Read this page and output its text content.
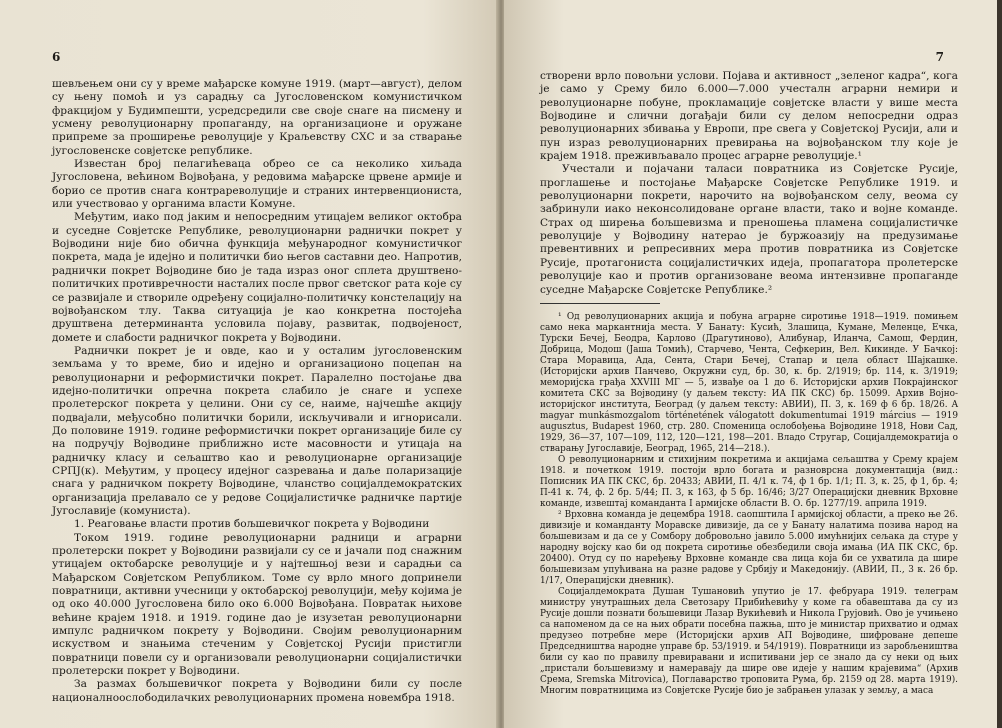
6

шевљењем они су у време мађарске комуне 1919. (март—август), делом су њену помоћ и уз сарадњу са Југословенском комунистичком фракцијом у Будимпешти, усредсредили све своје снаге на писмену и усмену револуционарну пропаганду, на организационе и оружане припреме за проширење револуције у Краљевству СХС и за стварање југословенске совјетске републике.

Известан број пелагићеваца обрео се са неколико хиљада Југословена, већином Војвођана, у редовима мађарске црвене армије и борио се против снага контрареволуције и страних интервенциониста, или учествовао у органима власти Комуне.

Међутим, иако под јаким и непосредним утицајем великог октобра и суседне Совјетске Републике, револуционарни раднички покрет у Војводини није био обична функција међународног комунистичког покрета, мада је идејно и политички био његов саставни део. Напротив, раднички покрет Војводине био је тада израз оног сплета друштвено-политичких противречности насталих после првог светског рата које су се развијале и створиле одређену социјално-политичку констелацију на војвођанском тлу. Таква ситуација је као конкретна постојећа друштвена детерминанта условила појаву, развитак, подвојеност, домете и слабости радничког покрета у Војводини.

Раднички покрет је и овде, као и у осталим југословенским земљама у то време, био и идејно и организационо поцепан на револуционарни и реформистички покрет. Паралелно постојање два идејно-политички опречна покрета слабило је снаге и успехе пролетерског покрета у целини. Они су се, наиме, најчешће акцију подвајали, међусобно политички борили, искључивали и игнорисали. До половине 1919. године реформистички покрет организације биле су на подручју Војводине приближно исте масовности и утицаја на радничку класу и сељаштво као и револуционарне организације СРПЈ(к). Међутим, у процесу идејног сазревања и даље поларизације снага у радничком покрету Војводине, чланство социјалдемократских организација прелавало се у редове Социјалистичке радничке партије Југославије (комуниста).

1. Реаговање власти против бољшевичког покрета у Војводини

Током 1919. године револуционарни радници и аграрни пролетерски покрет у Војводини развијали су се и јачали под снажним утицајем октобарске револуције и у најтешњој вези и сарадњи са Мађарском Совјетском Републиком. Томе су врло много допринели повратници, активни учесници у октобарској револуцији, међу којима је од око 40.000 Југословена било око 6.000 Војвођана. Повратак њихове већине крајем 1918. и 1919. године дао је изузетан револуционарни импулс радничком покрету у Војводини. Својим револуционарним искуством и знањима стеченим у Совјетској Русији пристигли повратници повели су и организовали револуционарни социјалистички пролетерски покрет у Војводини.

За размах бољшевичког покрета у Војводини били су после националноослободилачких револуционарних промена новембра 1918.

7

створени врло повољни услови. Појава и активност „зеленог кадра“, кога је само у Срему било 6.000—7.000 учесталн аграрни немири и револуционарне побуне, прокламације совјетске власти у више места Војводине и слични догађаји били су делом непосредни одраз револуционарних збивања у Европи, пре свега у Совјетској Русији, али и пун израз револуционарних превирања на војвођанском тлу које је крајем 1918. преживљавало процес аграрне револуције.¹

Учестали и појачани таласи повратника из Совјетске Русије, проглашење и постојање Мађарске Совјетске Републике 1919. и револуционарни покрети, нарочито на војвођанском селу, веома су забринули иако неконсолидоване органе власти, тако и војне команде. Страх од ширења бољшевизма и преношења пламена социјалистичке револуције у Војводину натерао је буржоазију на предузимање превентивних и репресивних мера против повратника из Совјетске Русије, протагониста социјалистичких идеја, пропагатора пролетерске револуције као и против организоване веома интензивне пропаганде суседне Мађарске Совјетске Републике.²

¹ Од револуционарних акција и побуна аграрне сиротиње 1918—1919. помињем само нека маркантнија места. У Банату: Кусић, Злашица, Кумане, Меленце, Ечка, Турски Бечеј, Беодра, Карлово (Драгутиново), Алибунар, Иланча, Самош, Фердин, Добрица, Модош (Јаша Томић), Старчево, Чента, Сефкерин, Вел. Кикинде. У Бачкој: Стара Моравица, Ада, Сента, Стари Бечеј, Стапар и цела област Шајкашке. (Историјски архив Панчево, Окружни суд, бр. 30, к. бр. 2/1919; бр. 114, к. 3/1919; меморијска грађа ХХVIII МГ — 5, извађе оа 1 до 6. Историјски архив Покрајинског комитета СКС за Војводину (у даљем тексту: ИА ПК СКС) бр. 15099. Архив Војно-историјског института, Београд (у даљем тексту: АВИИ), П. 3, к. 169 ф 6 бр. 18/26. A magyar munkásmozgalom történetének válogatott dokumentumai 1919 március — 1919 augusztus, Budapest 1960, стр. 280. Споменица ослобођења Војводине 1918, Нови Сад, 1929, 36—37, 107—109, 112, 120—121, 198—201. Владо Стругар, Социјалдемократија о стварању Југославије, Београд, 1965, 214—218.).

О револуционарним и стихијним покретима и акцијама сељаштва у Срему крајем 1918. и почетком 1919. постоји врло богата и разноврсна документација (вид.: Пописник ИА ПК СКС, бр. 20433; АВИИ, П. 4/1 к. 74, ф 1 бр. 1/1; П. 3, к. 25, ф 1, бр. 4; П-41 к. 74, ф. 2 бр. 5/44; П. 3, к 163, ф 5 бр. 16/46; 3/27 Операцијски дневник Врховне команде, извештај команданта I армијске области В. О. бр. 1277/19. априла 1919.

² Врховна команда је децембра 1918. саопштила I армијској области, а преко ње 26. дивизије и команданту Моравске дивизије, да се у Банату налатима позива народ на бољшевизам и да се у Сомбору добровољно јавило 5.000 имућнијих сељака да стуре у народну војску као би од покрета сиротиње обезбедили своја имања (ИА ПК СКС, бр. 20400). Отуд су по наређењу Врховне команде сва лица која би се ухватила да шире бољшевизам упућивана на разне радове у Србију и Македонију. (АВИИ, П., 3 к. 26 бр. 1/17, Операцијски дневник).

Социјалдемократа Душан Тушановић упутио је 17. фебруара 1919. телеграм министру унутрашњих дела Светозару Прибићевићу у коме га обавештава да су из Русије дошли познати бољшевици Лазар Вукићевић и Никола Грујовић. Ово је учињено са напоменом да се на њих обрати посебна пажња, што је министар прихватио и одмах предузео потребне мере (Историјски архив АП Војводине, шифроване депеше Председништва народне управе бр. 53/1919. и 54/1919). Повратници из заробљеништва били су као по правилу превиравани и испитивани јер се знало да су неки од њих „пристали бољшевизму и намеравају да шире ове идеје у нашим крајевима“ (Архив Срема, Sremska Mitrovica), Поглаварство троповита Рума, бр. 2159 од 28. марта 1919). Многим повратницима из Совјетске Русије био је забрањен улазак у земљу, а маса
